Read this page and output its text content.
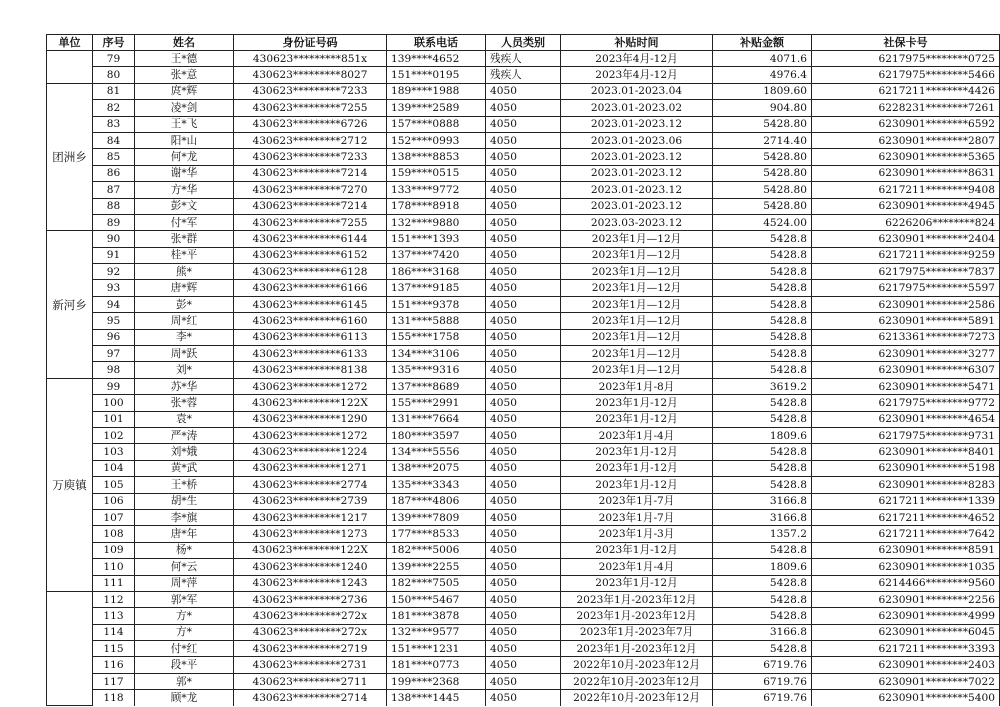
单位	序号	姓名	身份证号码	联系电话	人员类别	补贴时间	补贴金额	社保卡号
	79	王*德	430623*********851x	139****4652	残疾人	2023年4月-12月	4071.6	6217975********0725
	80	张*意	430623*********8027	151****0195	残疾人	2023年4月-12月	4976.4	6217975********5466
团洲乡	81	庹*辉	430623*********7233	189****1988	4050	2023.01-2023.04	1809.60	6217211********4426
	82	凌*剑	430623*********7255	139****2589	4050	2023.01-2023.02	904.80	6228231********7261
	83	王*飞	430623*********6726	157****0888	4050	2023.01-2023.12	5428.80	6230901********6592
	84	阳*山	430623*********2712	152****0993	4050	2023.01-2023.06	2714.40	6230901********2807
	85	何*龙	430623*********7233	138****8853	4050	2023.01-2023.12	5428.80	6230901********5365
	86	谢*华	430623*********7214	159****0515	4050	2023.01-2023.12	5428.80	6230901********8631
	87	方*华	430623*********7270	133****9772	4050	2023.01-2023.12	5428.80	6217211********9408
	88	彭*文	430623*********7214	178****8918	4050	2023.01-2023.12	5428.80	6230901********4945
	89	付*军	430623*********7255	132****9880	4050	2023.03-2023.12	4524.00	6226206********824
新河乡	90	张*群	430623*********6144	151****1393	4050	2023年1月—12月	5428.8	6230901********2404
	91	桂*平	430623*********6152	137****7420	4050	2023年1月—12月	5428.8	6217211********9259
	92	熊*	430623*********6128	186****3168	4050	2023年1月—12月	5428.8	6217975********7837
	93	唐*辉	430623*********6166	137****9185	4050	2023年1月—12月	5428.8	6217975********5597
	94	彭*	430623*********6145	151****9378	4050	2023年1月—12月	5428.8	6230901********2586
	95	周*红	430623*********6160	131****5888	4050	2023年1月—12月	5428.8	6230901********5891
	96	李*	430623*********6113	155****1758	4050	2023年1月—12月	5428.8	6213361********7273
	97	周*跃	430623*********6133	134****3106	4050	2023年1月—12月	5428.8	6230901********3277
	98	刘*	430623*********8138	135****9316	4050	2023年1月—12月	5428.8	6230901********6307
万庾镇	99	苏*华	430623*********1272	137****8689	4050	2023年1月-8月	3619.2	6230901********5471
	100	张*蓉	430623*********122X	155****2991	4050	2023年1月-12月	5428.8	6217975********9772
	101	袁*	430623*********1290	131****7664	4050	2023年1月-12月	5428.8	6230901********4654
	102	严*涛	430623*********1272	180****3597	4050	2023年1月-4月	1809.6	6217975********9731
	103	刘*娥	430623*********1224	134****5556	4050	2023年1月-12月	5428.8	6230901********8401
	104	黄*武	430623*********1271	138****2075	4050	2023年1月-12月	5428.8	6230901********5198
	105	王*桥	430623*********2774	135****3343	4050	2023年1月-12月	5428.8	6230901********8283
	106	胡*生	430623*********2739	187****4806	4050	2023年1月-7月	3166.8	6217211********1339
	107	李*旗	430623*********1217	139****7809	4050	2023年1月-7月	3166.8	6217211********4652
	108	唐*年	430623*********1273	177****8533	4050	2023年1月-3月	1357.2	6217211********7642
	109	杨*	430623*********122X	182****5006	4050	2023年1月-12月	5428.8	6230901********8591
	110	何*云	430623*********1240	139****2255	4050	2023年1月-4月	1809.6	6230901********1035
	111	周*萍	430623*********1243	182****7505	4050	2023年1月-12月	5428.8	6214466********9560
	112	郭*军	430623*********2736	150****5467	4050	2023年1月-2023年12月	5428.8	6230901********2256
	113	方*	430623*********272x	181****3878	4050	2023年1月-2023年12月	5428.8	6230901********4999
	114	方*	430623*********272x	132****9577	4050	2023年1月-2023年7月	3166.8	6230901********6045
	115	付*红	430623*********2719	151****1231	4050	2023年1月-2023年12月	5428.8	6217211********3393
	116	段*平	430623*********2731	181****0773	4050	2022年10月-2023年12月	6719.76	6230901********2403
	117	郭*	430623*********2711	199****2368	4050	2022年10月-2023年12月	6719.76	6230901********7022
	118	顾*龙	430623*********2714	138****1445	4050	2022年10月-2023年12月	6719.76	6230901********5400
